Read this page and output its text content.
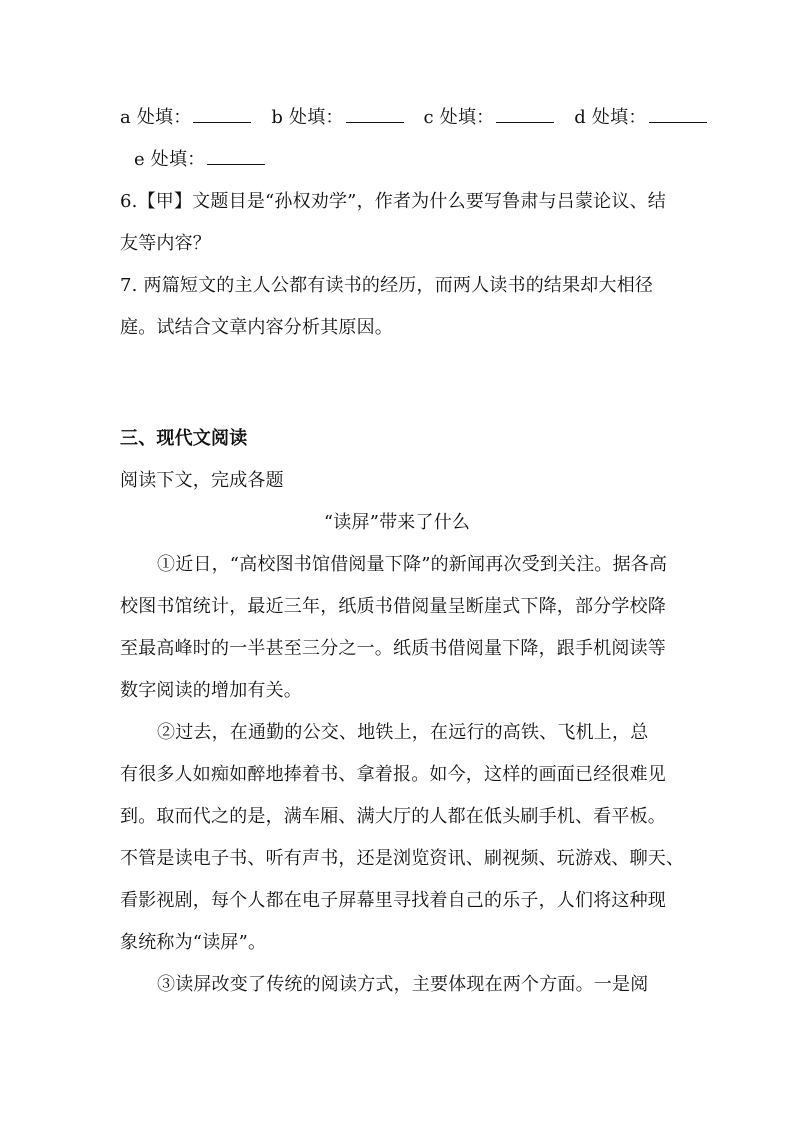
a 处填：	b 处填：	c 处填：	d 处填：
e 处填：
6.【甲】文题目是“孙权劝学”，作者为什么要写鲁肃与吕蒙论议、结
友等内容？
7. 两篇短文的主人公都有读书的经历，而两人读书的结果却大相径
庭。试结合文章内容分析其原因。
三、现代文阅读
阅读下文，完成各题
“读屏”带来了什么
①近日，“高校图书馆借阅量下降”的新闻再次受到关注。据各高
校图书馆统计，最近三年，纸质书借阅量呈断崖式下降，部分学校降
至最高峰时的一半甚至三分之一。纸质书借阅量下降，跟手机阅读等
数字阅读的增加有关。
②过去，在通勤的公交、地铁上，在远行的高铁、飞机上，总
有很多人如痴如醉地捧着书、拿着报。如今，这样的画面已经很难见
到。取而代之的是，满车厢、满大厅的人都在低头刷手机、看平板。
不管是读电子书、听有声书，还是浏览资讯、刷视频、玩游戏、聊天、
看影视剧，每个人都在电子屏幕里寻找着自己的乐子，人们将这种现
象统称为“读屏”。
③读屏改变了传统的阅读方式，主要体现在两个方面。一是阅
